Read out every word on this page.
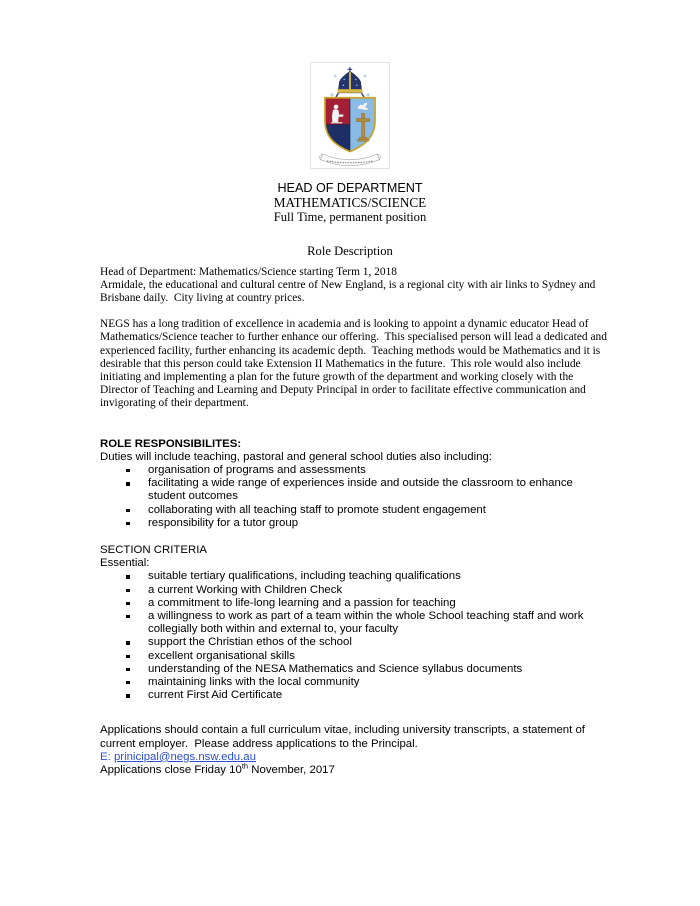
HEAD OF DEPARTMENT
MATHEMATICS/SCIENCE
Full Time, permanent position
Role Description
Head of Department: Mathematics/Science starting Term 1, 2018
Armidale, the educational and cultural centre of New England, is a regional city with air links to Sydney and Brisbane daily.  City living at country prices.
NEGS has a long tradition of excellence in academia and is looking to appoint a dynamic educator Head of Mathematics/Science teacher to further enhance our offering.  This specialised person will lead a dedicated and experienced facility, further enhancing its academic depth.  Teaching methods would be Mathematics and it is desirable that this person could take Extension II Mathematics in the future.  This role would also include initiating and implementing a plan for the future growth of the department and working closely with the Director of Teaching and Learning and Deputy Principal in order to facilitate effective communication and invigorating of their department.
ROLE RESPONSIBILITES:
Duties will include teaching, pastoral and general school duties also including:
organisation of programs and assessments
facilitating a wide range of experiences inside and outside the classroom to enhance student outcomes
collaborating with all teaching staff to promote student engagement
responsibility for a tutor group
SECTION CRITERIA
Essential:
suitable tertiary qualifications, including teaching qualifications
a current Working with Children Check
a commitment to life-long learning and a passion for teaching
a willingness to work as part of a team within the whole School teaching staff and work collegially both within and external to, your faculty
support the Christian ethos of the school
excellent organisational skills
understanding of the NESA Mathematics and Science syllabus documents
maintaining links with the local community
current First Aid Certificate
Applications should contain a full curriculum vitae, including university transcripts, a statement of current employer.  Please address applications to the Principal.
E: prinicipal@negs.nsw.edu.au
Applications close Friday 10th November, 2017
